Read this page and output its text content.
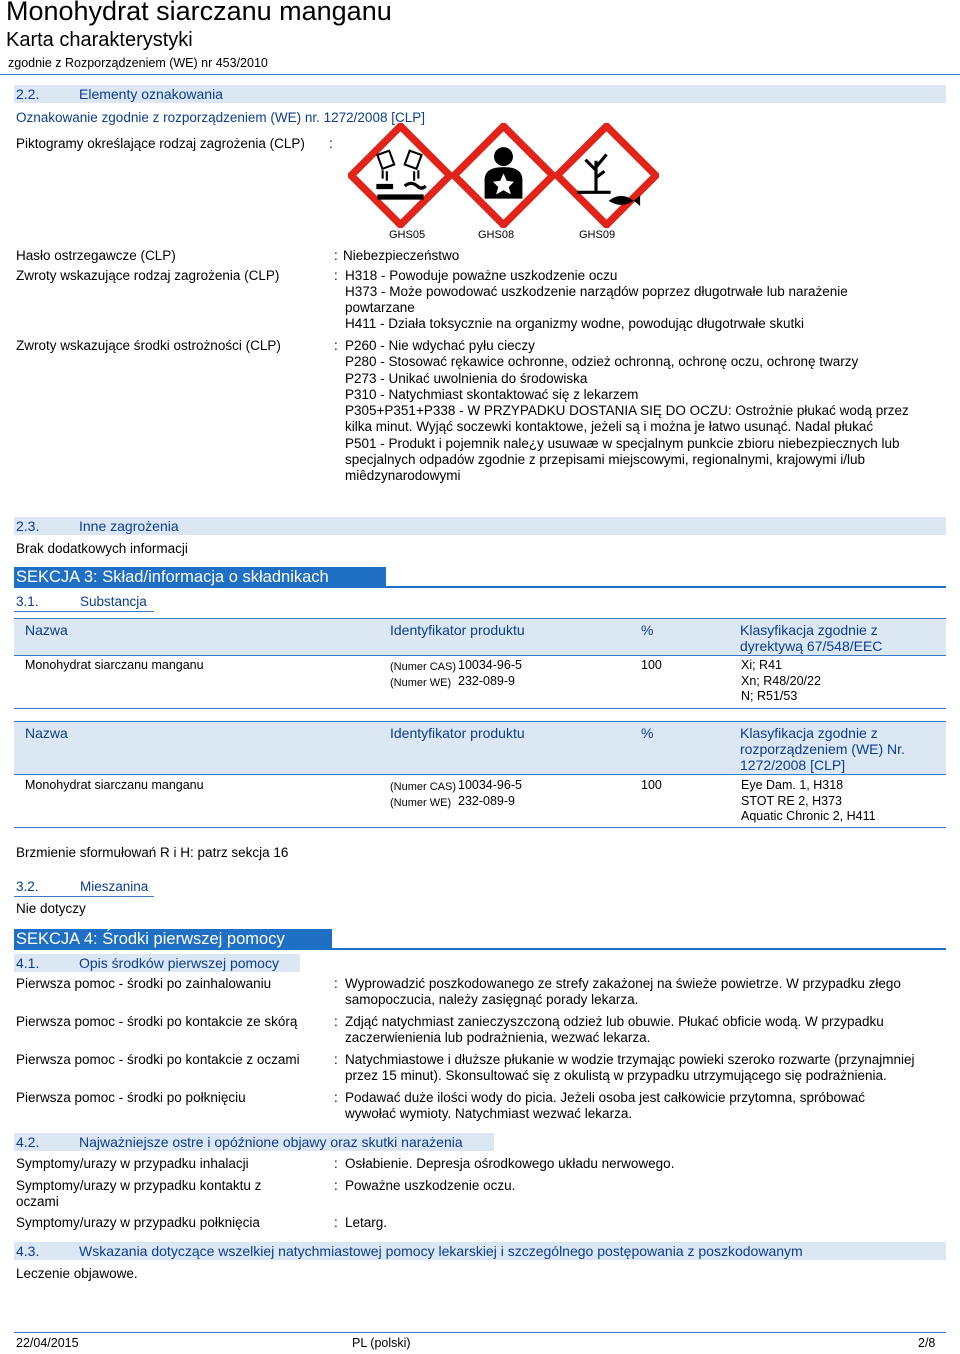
Monohydrat siarczanu manganu
Karta charakterystyki
zgodnie z Rozporządzeniem (WE) nr 453/2010
2.2.	Elementy oznakowania
Oznakowanie zgodnie z rozporządzeniem (WE) nr. 1272/2008 [CLP]
Piktogramy określające rodzaj zagrożenia (CLP) :
GHS05	GHS08	GHS09
Hasło ostrzegawcze (CLP)	: Niebezpieczeństwo
Zwroty wskazujące rodzaj zagrożenia (CLP)	: H318 - Powoduje poważne uszkodzenie oczu
H373 - Może powodować uszkodzenie narządów poprzez długotrwałe lub narażenie
powtarzane
H411 - Działa toksycznie na organizmy wodne, powodując długotrwałe skutki
Zwroty wskazujące środki ostrożności (CLP)	: P260 - Nie wdychać pyłu cieczy
P280 - Stosować rękawice ochronne, odzież ochronną, ochronę oczu, ochronę twarzy
P273 - Unikać uwolnienia do środowiska
P310 - Natychmiast skontaktować się z lekarzem
P305+P351+P338 - W PRZYPADKU DOSTANIA SIĘ DO OCZU: Ostrożnie płukać wodą przez
kilka minut. Wyjąć soczewki kontaktowe, jeżeli są i można je łatwo usunąć. Nadal płukać
P501 - Produkt i pojemnik nale¿y usuwaæ w specjalnym punkcie zbioru niebezpiecznych lub
specjalnych odpadów zgodnie z przepisami miejscowymi, regionalnymi, krajowymi i/lub
miêdzynarodowymi
2.3.	Inne zagrożenia
Brak dodatkowych informacji
SEKCJA 3: Skład/informacja o składnikach
3.1.	Substancja
Nazwa	Identyfikator produktu	%	Klasyfikacja zgodnie z
dyrektywą 67/548/EEC
Monohydrat siarczanu manganu	(Numer CAS) 10034-96-5
(Numer WE) 232-089-9
100	Xi; R41
Xn; R48/20/22
N; R51/53
Nazwa	Identyfikator produktu	%	Klasyfikacja zgodnie z
rozporządzeniem (WE) Nr.
1272/2008 [CLP]
Monohydrat siarczanu manganu	(Numer CAS) 10034-96-5
(Numer WE) 232-089-9
100	Eye Dam. 1, H318
STOT RE 2, H373
Aquatic Chronic 2, H411
Brzmienie sformułowań R i H: patrz sekcja 16
3.2.	Mieszanina
Nie dotyczy
SEKCJA 4: Środki pierwszej pomocy
4.1.	Opis środków pierwszej pomocy
Pierwsza pomoc - środki po zainhalowaniu	: Wyprowadzić poszkodowanego ze strefy zakażonej na świeże powietrze. W przypadku złego
samopoczucia, należy zasięgnąć porady lekarza.
Pierwsza pomoc - środki po kontakcie ze skórą	: Zdjąć natychmiast zanieczyszczoną odzież lub obuwie. Płukać obficie wodą. W przypadku
zaczerwienienia lub podrażnienia, wezwać lekarza.
Pierwsza pomoc - środki po kontakcie z oczami	: Natychmiastowe i dłuższe płukanie w wodzie trzymając powieki szeroko rozwarte (przynajmniej
przez 15 minut). Skonsultować się z okulistą w przypadku utrzymującego się podrażnienia.
Pierwsza pomoc - środki po połknięciu	: Podawać duże ilości wody do picia. Jeżeli osoba jest całkowicie przytomna, spróbować
wywołać wymioty. Natychmiast wezwać lekarza.
4.2.	Najważniejsze ostre i opóźnione objawy oraz skutki narażenia
Symptomy/urazy w przypadku inhalacji	: Osłabienie. Depresja ośrodkowego układu nerwowego.
Symptomy/urazy w przypadku kontaktu z
oczami
: Poważne uszkodzenie oczu.
Symptomy/urazy w przypadku połknięcia	: Letarg.
4.3.	Wskazania dotyczące wszelkiej natychmiastowej pomocy lekarskiej i szczególnego postępowania z poszkodowanym
Leczenie objawowe.
22/04/2015	PL (polski)	2/8
